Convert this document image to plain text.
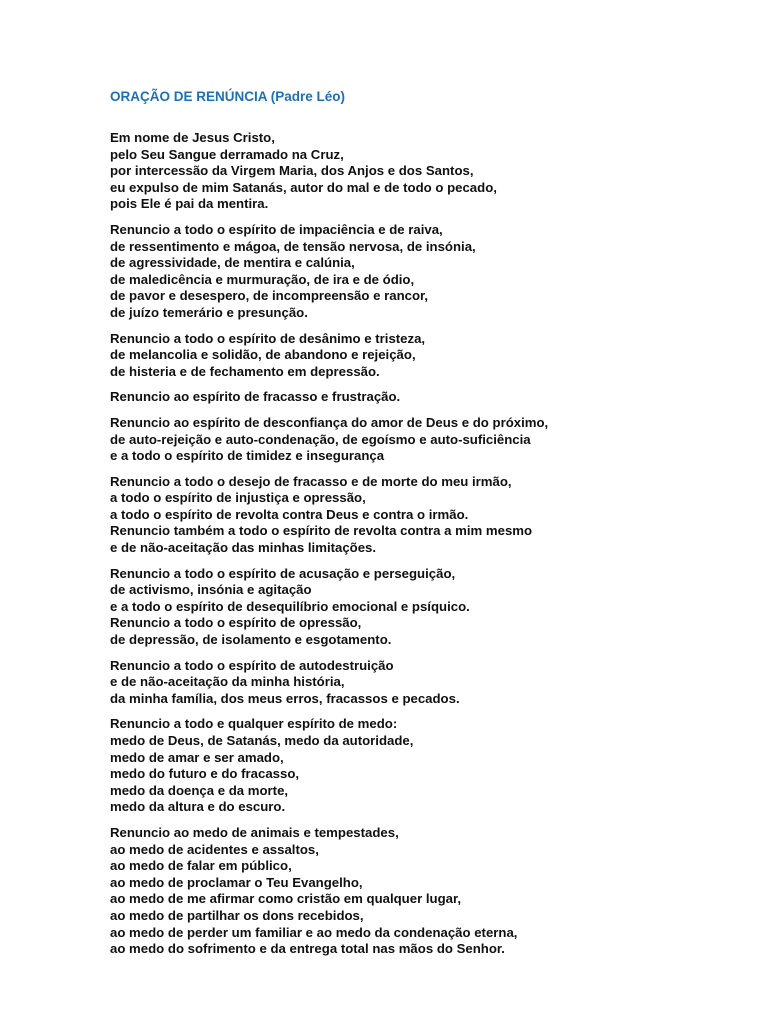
ORAÇÃO DE RENÚNCIA (Padre Léo)
Em nome de Jesus Cristo,
pelo Seu Sangue derramado na Cruz,
por intercessão da Virgem Maria, dos Anjos e dos Santos,
eu expulso de mim Satanás, autor do mal e de todo o pecado,
pois Ele é pai da mentira.
Renuncio a todo o espírito de impaciência e de raiva,
de ressentimento e mágoa, de tensão nervosa, de insónia,
de agressividade, de mentira e calúnia,
de maledicência e murmuração, de ira e de ódio,
de pavor e desespero, de incompreensão e rancor,
de juízo temerário e presunção.
Renuncio a todo o espírito de desânimo e tristeza,
de melancolia e solidão, de abandono e rejeição,
de histeria e de fechamento em depressão.
Renuncio ao espírito de fracasso e frustração.
Renuncio ao espírito de desconfiança do amor de Deus e do próximo,
de auto-rejeição e auto-condenação, de egoísmo e auto-suficiência
e a todo o espírito de timidez e insegurança
Renuncio a todo o desejo de fracasso e de morte do meu irmão,
a todo o espírito de injustiça e opressão,
a todo o espírito de revolta contra Deus e contra o irmão.
Renuncio também a todo o espírito de revolta contra a mim mesmo
e de não-aceitação das minhas limitações.
Renuncio a todo o espírito de acusação e perseguição,
de activismo, insónia e agitação
e a todo o espírito de desequilíbrio emocional e psíquico.
Renuncio a todo o espírito de opressão,
de depressão, de isolamento e esgotamento.
Renuncio a todo o espírito de autodestruição
e de não-aceitação da minha história,
da minha família, dos meus erros, fracassos e pecados.
Renuncio a todo e qualquer espírito de medo:
medo de Deus, de Satanás, medo da autoridade,
medo de amar e ser amado,
medo do futuro e do fracasso,
medo da doença e da morte,
medo da altura e do escuro.
Renuncio ao medo de animais e tempestades,
ao medo de acidentes e assaltos,
ao medo de falar em público,
ao medo de proclamar o Teu Evangelho,
ao medo de me afirmar como cristão em qualquer lugar,
ao medo de partilhar os dons recebidos,
ao medo de perder um familiar e ao medo da condenação eterna,
ao medo do sofrimento e da entrega total nas mãos do Senhor.
